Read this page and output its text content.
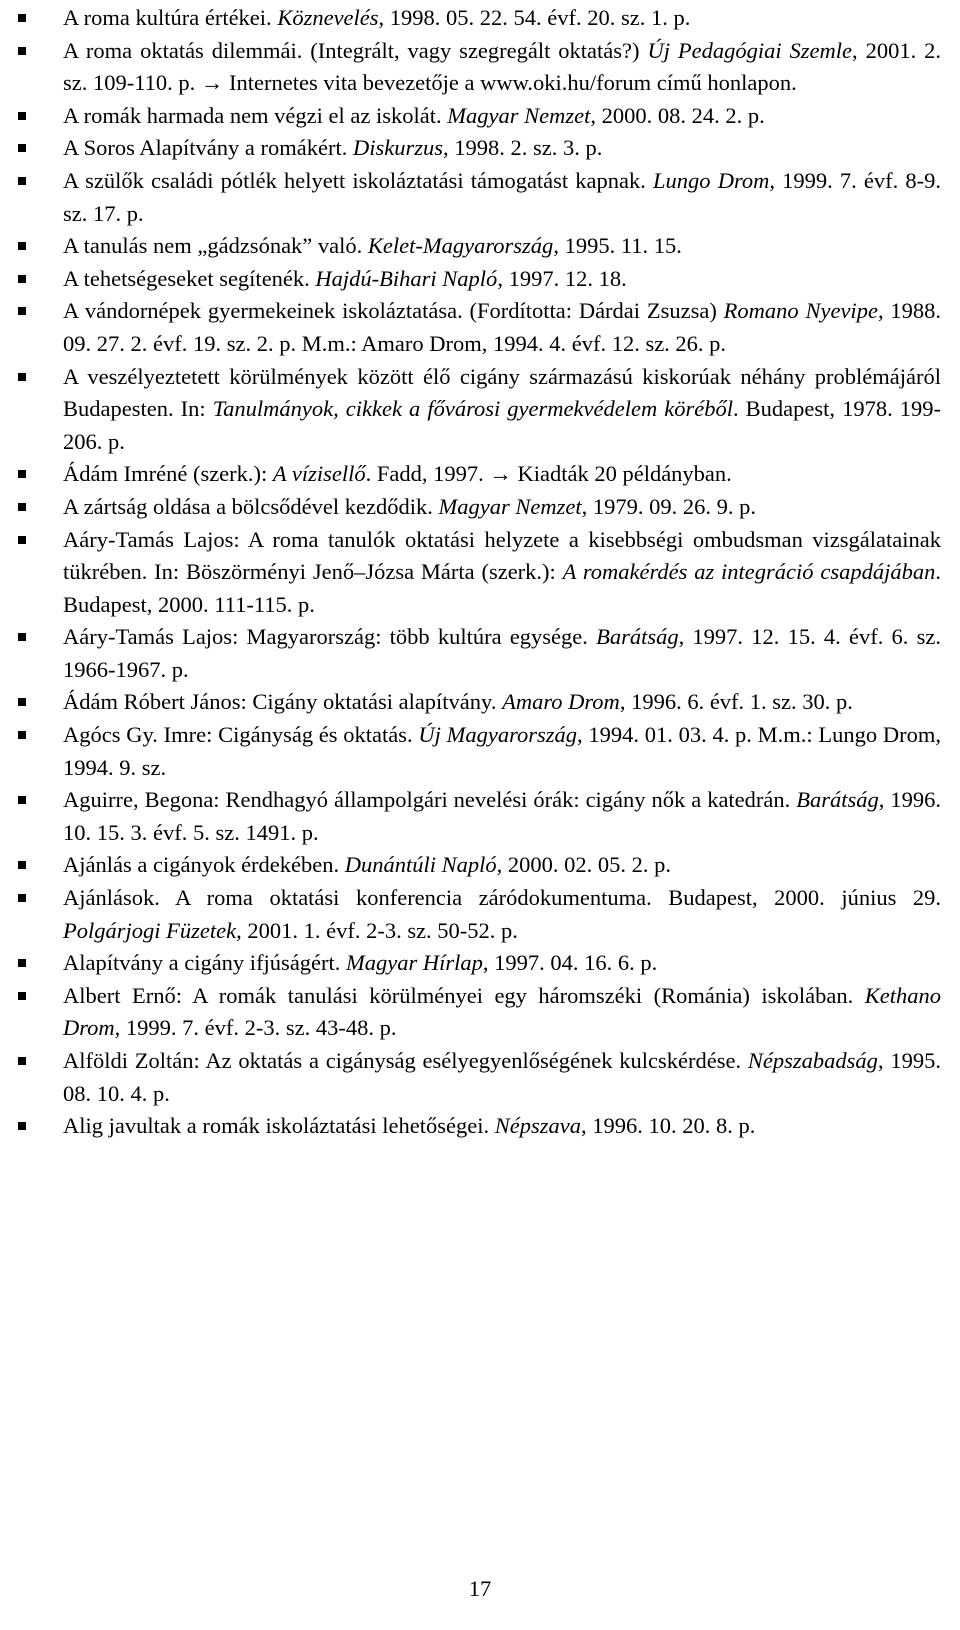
A roma kultúra értékei. Köznevelés, 1998. 05. 22. 54. évf. 20. sz. 1. p.
A roma oktatás dilemmái. (Integrált, vagy szegregált oktatás?) Új Pedagógiai Szemle, 2001. 2. sz. 109-110. p. → Internetes vita bevezetője a www.oki.hu/forum című honlapon.
A romák harmada nem végzi el az iskolát. Magyar Nemzet, 2000. 08. 24. 2. p.
A Soros Alapítvány a romákért. Diskurzus, 1998. 2. sz. 3. p.
A szülők családi pótlék helyett iskoláztatási támogatást kapnak. Lungo Drom, 1999. 7. évf. 8-9. sz. 17. p.
A tanulás nem „gádzsónak” való. Kelet-Magyarország, 1995. 11. 15.
A tehetségeseket segítenék. Hajdú-Bihari Napló, 1997. 12. 18.
A vándornépek gyermekeinek iskoláztatása. (Fordította: Dárdai Zsuzsa) Romano Nyevipe, 1988. 09. 27. 2. évf. 19. sz. 2. p. M.m.: Amaro Drom, 1994. 4. évf. 12. sz. 26. p.
A veszélyeztetett körülmények között élő cigány származású kiskorúak néhány problémájáról Budapesten. In: Tanulmányok, cikkek a fővárosi gyermekvédelem köréből. Budapest, 1978. 199-206. p.
Ádám Imréné (szerk.): A vízisellő. Fadd, 1997. → Kiadták 20 példányban.
A zártság oldása a bölcsődével kezdődik. Magyar Nemzet, 1979. 09. 26. 9. p.
Aáry-Tamás Lajos: A roma tanulók oktatási helyzete a kisebbségi ombudsman vizsgálatainak tükrében. In: Böszörményi Jenő–Józsa Márta (szerk.): A romakérdés az integráció csapdájában. Budapest, 2000. 111-115. p.
Aáry-Tamás Lajos: Magyarország: több kultúra egysége. Barátság, 1997. 12. 15. 4. évf. 6. sz. 1966-1967. p.
Ádám Róbert János: Cigány oktatási alapítvány. Amaro Drom, 1996. 6. évf. 1. sz. 30. p.
Agócs Gy. Imre: Cigányság és oktatás. Új Magyarország, 1994. 01. 03. 4. p. M.m.: Lungo Drom, 1994. 9. sz.
Aguirre, Begona: Rendhagyó állampolgári nevelési órák: cigány nők a katedrán. Barátság, 1996. 10. 15. 3. évf. 5. sz. 1491. p.
Ajánlás a cigányok érdekében. Dunántúli Napló, 2000. 02. 05. 2. p.
Ajánlások. A roma oktatási konferencia záródokumentuma. Budapest, 2000. június 29. Polgárjogi Füzetek, 2001. 1. évf. 2-3. sz. 50-52. p.
Alapítvány a cigány ifjúságért. Magyar Hírlap, 1997. 04. 16. 6. p.
Albert Ernő: A romák tanulási körülményei egy háromszéki (Románia) iskolában. Kethano Drom, 1999. 7. évf. 2-3. sz. 43-48. p.
Alföldi Zoltán: Az oktatás a cigányság esélyegyenlőségének kulcskérdése. Népszabadság, 1995. 08. 10. 4. p.
Alig javultak a romák iskoláztatási lehetőségei. Népszava, 1996. 10. 20. 8. p.
17
